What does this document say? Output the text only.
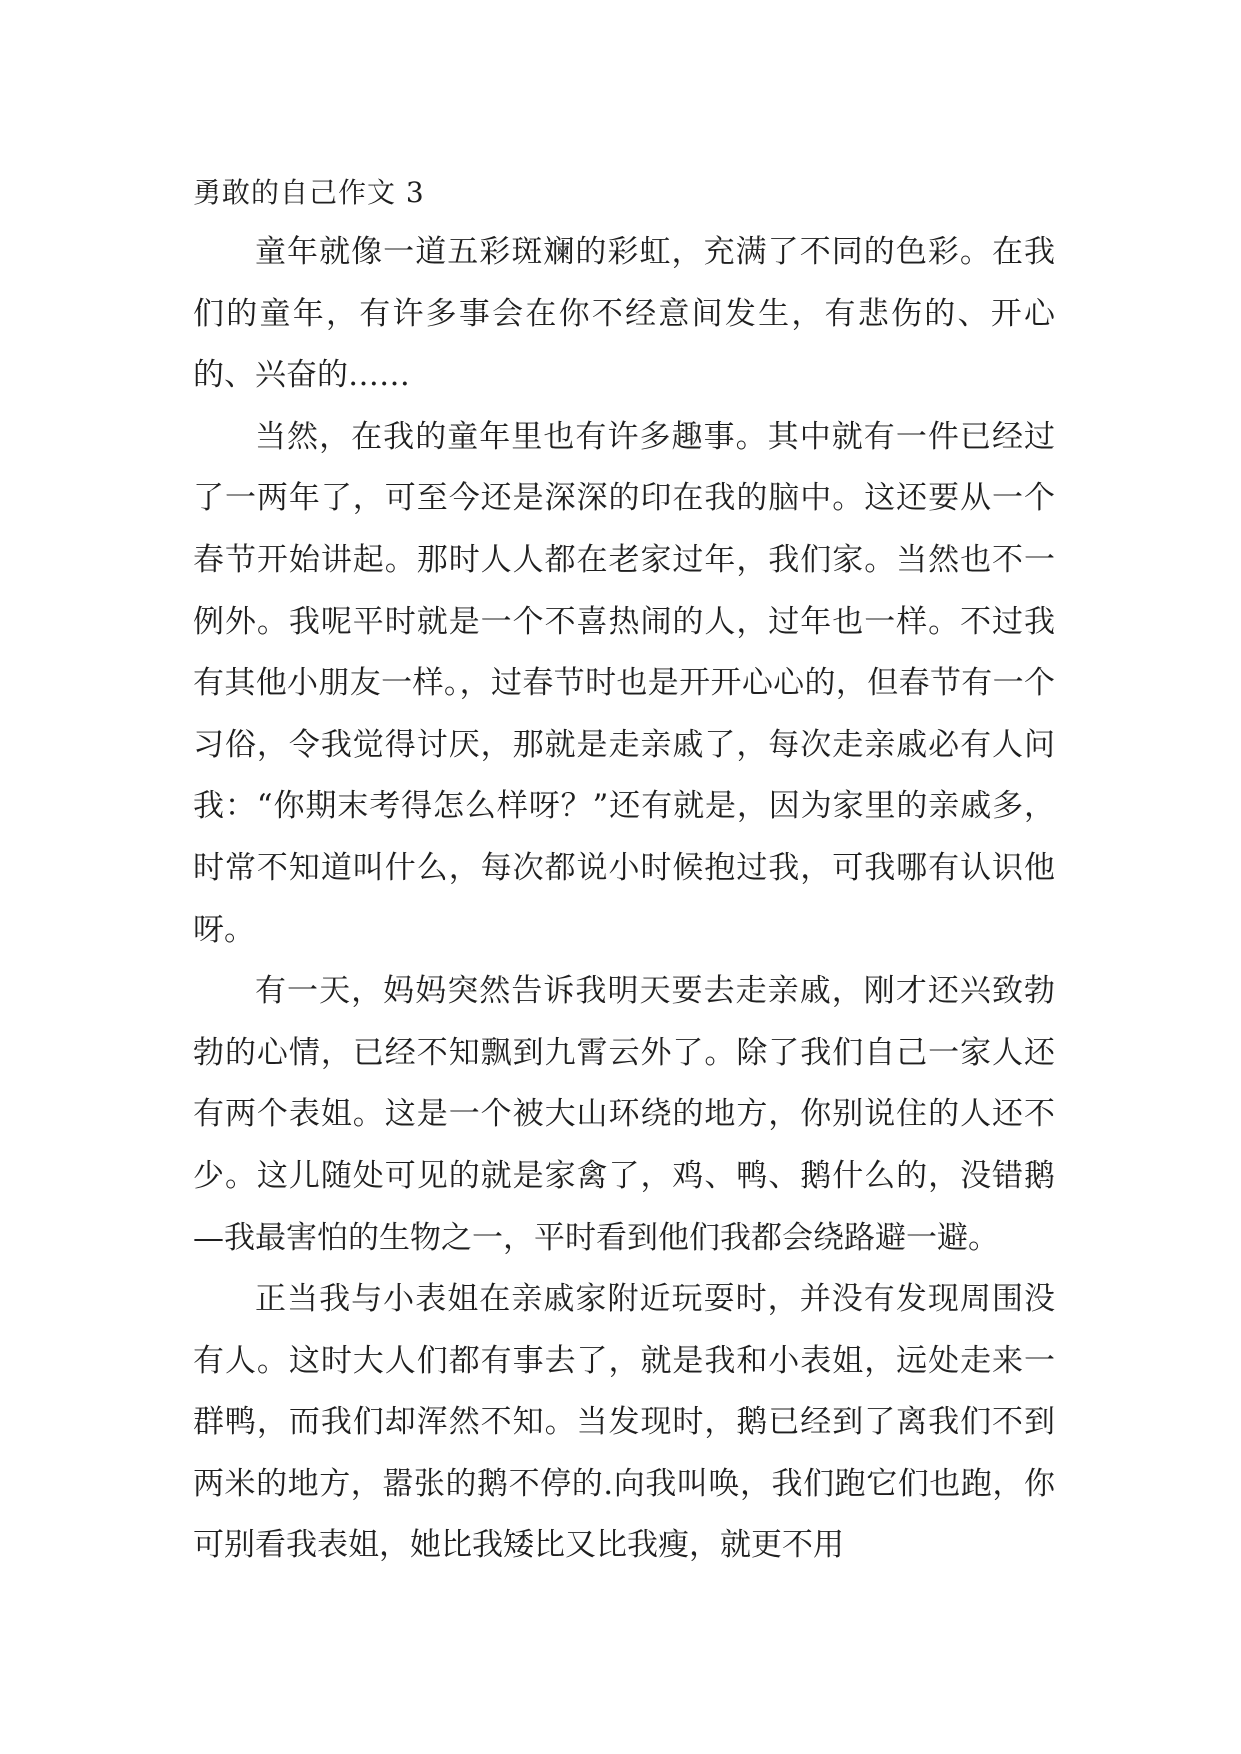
勇敢的自己作文 3

童年就像一道五彩斑斓的彩虹，充满了不同的色彩。在我们的童年，有许多事会在你不经意间发生，有悲伤的、开心的、兴奋的……

当然，在我的童年里也有许多趣事。其中就有一件已经过了一两年了，可至今还是深深的印在我的脑中。这还要从一个春节开始讲起。那时人人都在老家过年，我们家。当然也不一例外。我呢平时就是一个不喜热闹的人，过年也一样。不过我有其他小朋友一样。，过春节时也是开开心心的，但春节有一个习俗，令我觉得讨厌，那就是走亲戚了，每次走亲戚必有人问我：“你期末考得怎么样呀？”还有就是，因为家里的亲戚多，时常不知道叫什么，每次都说小时候抱过我，可我哪有认识他呀。

有一天，妈妈突然告诉我明天要去走亲戚，刚才还兴致勃勃的心情，已经不知飘到九霄云外了。除了我们自己一家人还有两个表姐。这是一个被大山环绕的地方，你别说住的人还不少。这儿随处可见的就是家禽了，鸡、鸭、鹅什么的，没错鹅—我最害怕的生物之一，平时看到他们我都会绕路避一避。

正当我与小表姐在亲戚家附近玩耍时，并没有发现周围没有人。这时大人们都有事去了，就是我和小表姐，远处走来一群鸭，而我们却浑然不知。当发现时，鹅已经到了离我们不到两米的地方，嚣张的鹅不停的.向我叫唤，我们跑它们也跑，你可别看我表姐，她比我矮比又比我瘦，就更不用
